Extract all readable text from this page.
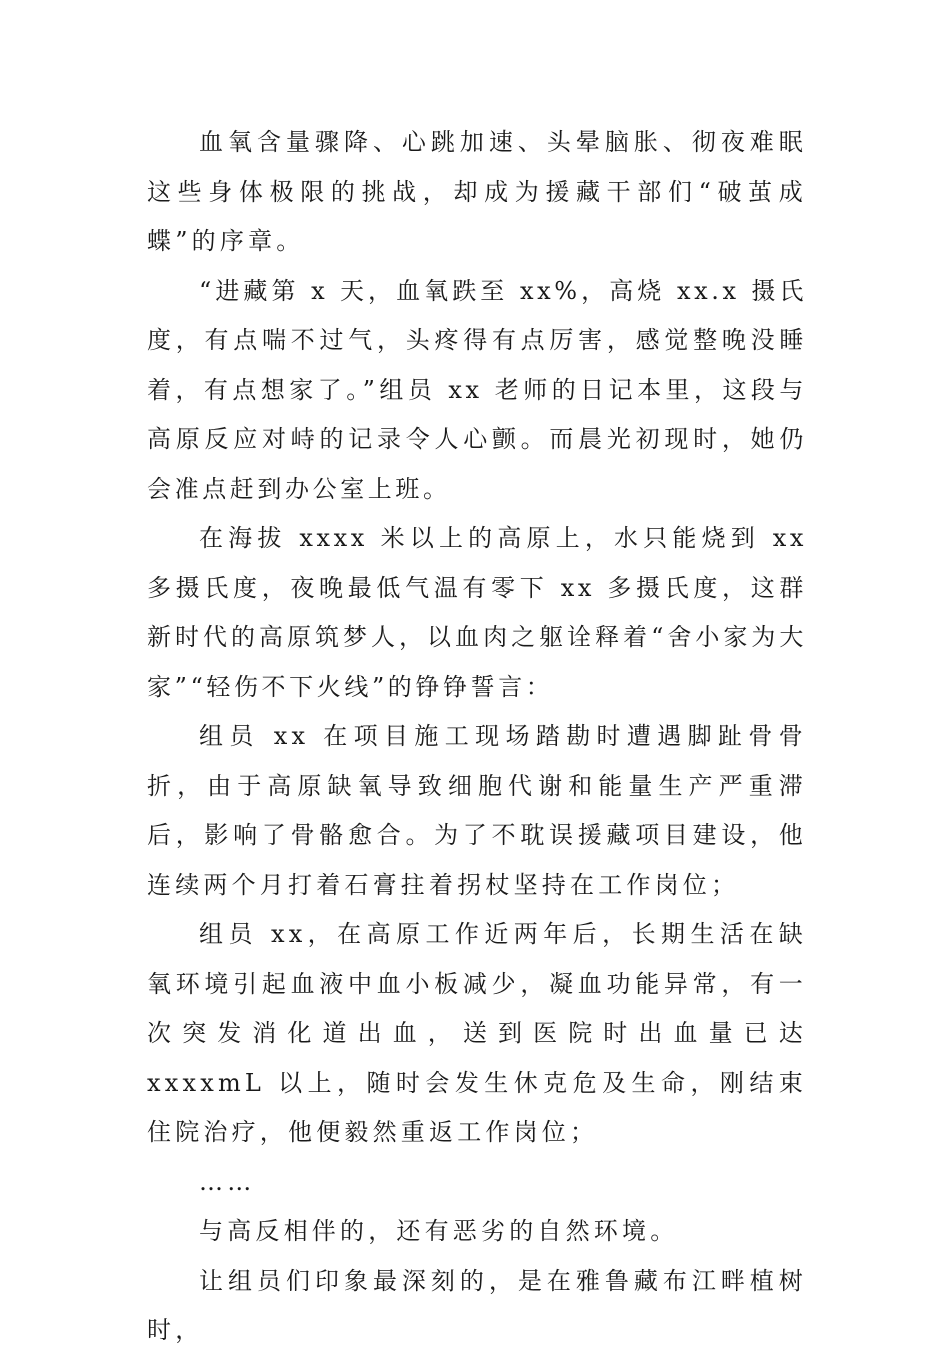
血氧含量骤降、心跳加速、头晕脑胀、彻夜难眠这些身体极限的挑战，却成为援藏干部们“破茧成蝶”的序章。

“进藏第 x 天，血氧跌至 xx%，高烧 xx.x 摄氏度，有点喘不过气，头疼得有点厉害，感觉整晚没睡着，有点想家了。”组员 xx 老师的日记本里，这段与高原反应对峙的记录令人心颤。而晨光初现时，她仍会准点赶到办公室上班。

在海拔 xxxx 米以上的高原上，水只能烧到 xx 多摄氏度，夜晚最低气温有零下 xx 多摄氏度，这群新时代的高原筑梦人，以血肉之躯诠释着“舍小家为大家”“轻伤不下火线”的铮铮誓言：

组员 xx 在项目施工现场踏勘时遭遇脚趾骨骨折，由于高原缺氧导致细胞代谢和能量生产严重滞后，影响了骨骼愈合。为了不耽误援藏项目建设，他连续两个月打着石膏拄着拐杖坚持在工作岗位；

组员 xx，在高原工作近两年后，长期生活在缺氧环境引起血液中血小板减少，凝血功能异常，有一次突发消化道出血，送到医院时出血量已达 xxxxmL 以上，随时会发生休克危及生命，刚结束住院治疗，他便毅然重返工作岗位；

……

与高反相伴的，还有恶劣的自然环境。

让组员们印象最深刻的，是在雅鲁藏布江畔植树时，
